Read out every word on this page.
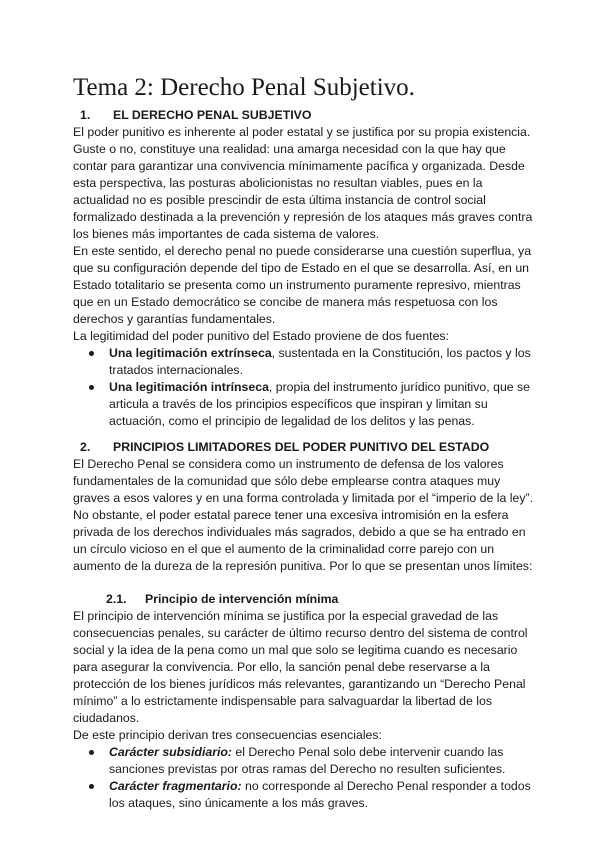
Tema 2: Derecho Penal Subjetivo.
1. EL DERECHO PENAL SUBJETIVO

El poder punitivo es inherente al poder estatal y se justifica por su propia existencia. Guste o no, constituye una realidad: una amarga necesidad con la que hay que contar para garantizar una convivencia mínimamente pacífica y organizada. Desde esta perspectiva, las posturas abolicionistas no resultan viables, pues en la actualidad no es posible prescindir de esta última instancia de control social formalizado destinada a la prevención y represión de los ataques más graves contra los bienes más importantes de cada sistema de valores.

En este sentido, el derecho penal no puede considerarse una cuestión superflua, ya que su configuración depende del tipo de Estado en el que se desarrolla. Así, en un Estado totalitario se presenta como un instrumento puramente represivo, mientras que en un Estado democrático se concibe de manera más respetuosa con los derechos y garantías fundamentales.

La legitimidad del poder punitivo del Estado proviene de dos fuentes:

Una legitimación extrínseca, sustentada en la Constitución, los pactos y los tratados internacionales.
Una legitimación intrínseca, propia del instrumento jurídico punitivo, que se articula a través de los principios específicos que inspiran y limitan su actuación, como el principio de legalidad de los delitos y las penas.
2. PRINCIPIOS LIMITADORES DEL PODER PUNITIVO DEL ESTADO

El Derecho Penal se considera como un instrumento de defensa de los valores fundamentales de la comunidad que sólo debe emplearse contra ataques muy graves a esos valores y en una forma controlada y limitada por el “imperio de la ley”. No obstante, el poder estatal parece tener una excesiva intromisión en la esfera privada de los derechos individuales más sagrados, debido a que se ha entrado en un círculo vicioso en el que el aumento de la criminalidad corre parejo con un aumento de la dureza de la represión punitiva. Por lo que se presentan unos límites:

2.1. Principio de intervención mínima

El principio de intervención mínima se justifica por la especial gravedad de las consecuencias penales, su carácter de último recurso dentro del sistema de control social y la idea de la pena como un mal que solo se legitima cuando es necesario para asegurar la convivencia. Por ello, la sanción penal debe reservarse a la protección de los bienes jurídicos más relevantes, garantizando un “Derecho Penal mínimo” a lo estrictamente indispensable para salvaguardar la libertad de los ciudadanos.

De este principio derivan tres consecuencias esenciales:

Carácter subsidiario: el Derecho Penal solo debe intervenir cuando las sanciones previstas por otras ramas del Derecho no resulten suficientes.
Carácter fragmentario: no corresponde al Derecho Penal responder a todos los ataques, sino únicamente a los más graves.
